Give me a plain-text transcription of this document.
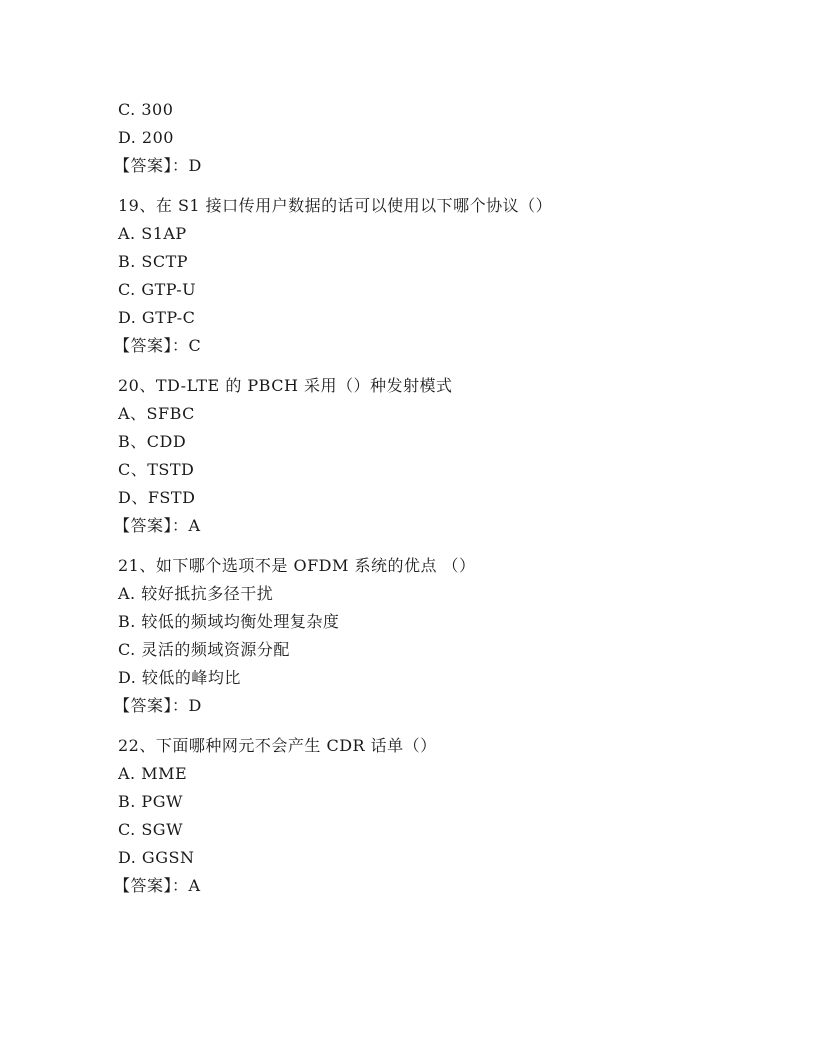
C. 300
D. 200
【答案】：D
19、在 S1 接口传用户数据的话可以使用以下哪个协议（）
A. S1AP
B. SCTP
C. GTP-U
D. GTP-C
【答案】：C
20、TD-LTE 的 PBCH 采用（）种发射模式
A、SFBC
B、CDD
C、TSTD
D、FSTD
【答案】：A
21、如下哪个选项不是 OFDM 系统的优点 （）
A. 较好抵抗多径干扰
B. 较低的频域均衡处理复杂度
C. 灵活的频域资源分配
D. 较低的峰均比
【答案】：D
22、下面哪种网元不会产生 CDR 话单（）
A. MME
B. PGW
C. SGW
D. GGSN
【答案】：A
